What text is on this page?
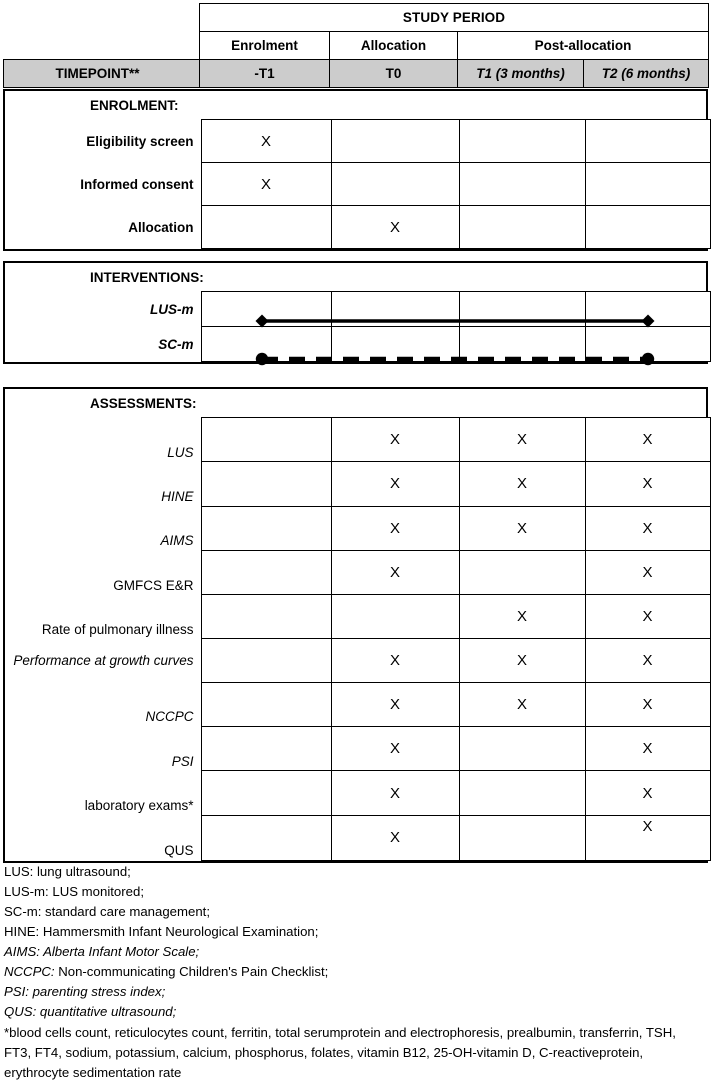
	STUDY PERIOD			
	Enrolment	Allocation	Post-allocation	
TIMEPOINT**	-T1	T0	T1 (3 months)	T2 (6 months)
ENROLMENT:
Eligibility screen	X			
Informed consent	X			
Allocation		X		
INTERVENTIONS:
LUS-m				
SC-m				
ASSESSMENTS:
LUS		X	X	X
HINE		X	X	X
AIMS		X	X	X
GMFCS E&R		X		X
Rate of pulmonary illness			X	X
Performance at growth curves		X	X	X
NCCPC		X	X	X
PSI		X		X
laboratory exams*		X		X
QUS		X		X
LUS: lung ultrasound;
LUS-m: LUS monitored;
SC-m: standard care management;
HINE: Hammersmith Infant Neurological Examination;
AIMS: Alberta Infant Motor Scale;
NCCPC: Non-communicating Children's Pain Checklist;
PSI: parenting stress index;
QUS: quantitative ultrasound;
*blood cells count, reticulocytes count, ferritin, total serumprotein and electrophoresis, prealbumin, transferrin, TSH, FT3, FT4, sodium, potassium, calcium, phosphorus, folates, vitamin B12, 25-OH-vitamin D, C-reactiveprotein, erythrocyte sedimentation rate
